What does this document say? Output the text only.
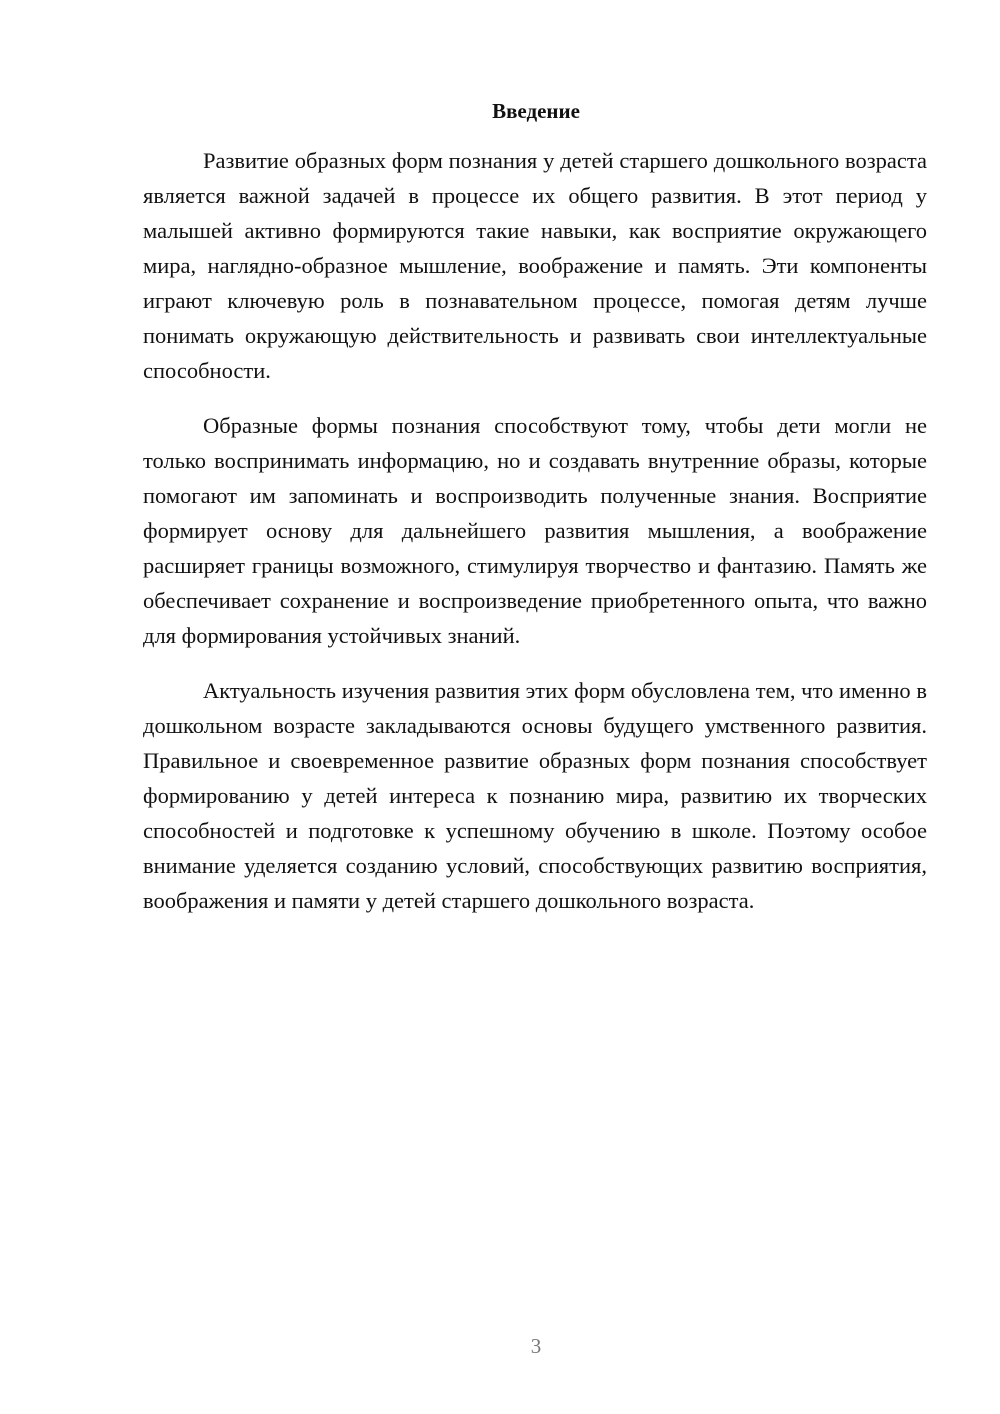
Введение

Развитие образных форм познания у детей старшего дошкольного возраста является важной задачей в процессе их общего развития. В этот период у малышей активно формируются такие навыки, как восприятие окружающего мира, наглядно-образное мышление, воображение и память. Эти компоненты играют ключевую роль в познавательном процессе, помогая детям лучше понимать окружающую действительность и развивать свои интеллектуальные способности.

Образные формы познания способствуют тому, чтобы дети могли не только воспринимать информацию, но и создавать внутренние образы, которые помогают им запоминать и воспроизводить полученные знания. Восприятие формирует основу для дальнейшего развития мышления, а воображение расширяет границы возможного, стимулируя творчество и фантазию. Память же обеспечивает сохранение и воспроизведение приобретенного опыта, что важно для формирования устойчивых знаний.

Актуальность изучения развития этих форм обусловлена тем, что именно в дошкольном возрасте закладываются основы будущего умственного развития. Правильное и своевременное развитие образных форм познания способствует формированию у детей интереса к познанию мира, развитию их творческих способностей и подготовке к успешному обучению в школе. Поэтому особое внимание уделяется созданию условий, способствующих развитию восприятия, воображения и памяти у детей старшего дошкольного возраста.

3
